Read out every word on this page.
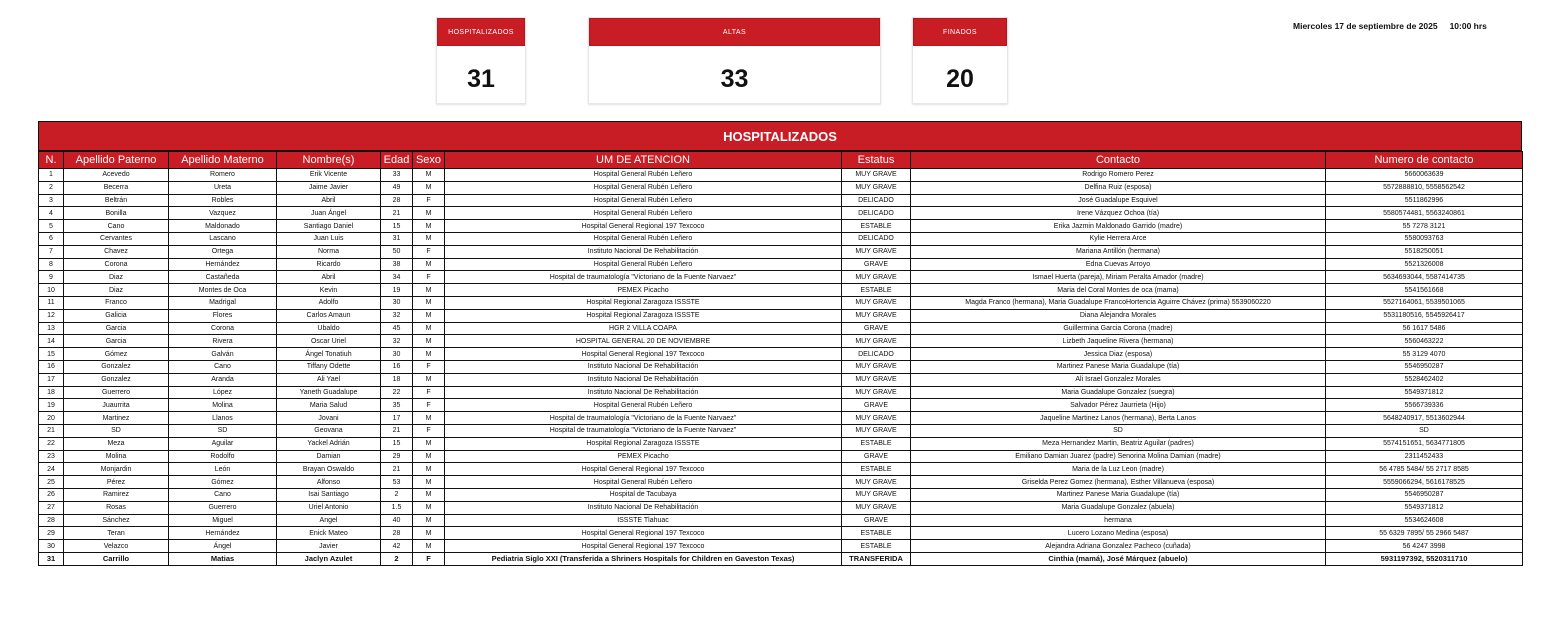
HOSPITALIZADOS
31
ALTAS
33
FINADOS
20
Miercoles 17 de septiembre de 2025 10:00 hrs
HOSPITALIZADOS
N.	Apellido Paterno	Apellido Materno	Nombre(s)	Edad	Sexo	UM DE ATENCION	Estatus	Contacto	Numero de contacto
1	Acevedo	Romero	Erik Vicente	33	M	Hospital General Rubén Leñero	MUY GRAVE	Rodrigo Romero Perez	5660063639
2	Becerra	Ureta	Jaime Javier	49	M	Hospital General Rubén Leñero	MUY GRAVE	Delfina Ruiz (esposa)	5572888810, 5558562542
3	Beltrán	Robles	Abril	28	F	Hospital General Rubén Leñero	DELICADO	José Guadalupe Esquivel	5511862996
4	Bonilla	Vazquez	Juan Ángel	21	M	Hospital General Rubén Leñero	DELICADO	Irene Vázquez Ochoa (tía)	5580574481, 5563240861
5	Cano	Maldonado	Santiago Daniel	15	M	Hospital General Regional 197 Texcoco	ESTABLE	Erika Jazmin Maldonado Garrido (madre)	55 7278 3121
6	Cervantes	Lascano	Juan Luis	31	M	Hospital General Rubén Leñero	DELICADO	Kylie Herrera Arce	5580093763
7	Chavez	Ortega	Norma	50	F	Instituto Nacional De Rehabilitación	MUY GRAVE	Mariana Antillón (hermana)	5518250051
8	Corona	Hernández	Ricardo	38	M	Hospital General Rubén Leñero	GRAVE	Edna Cuevas Arroyo	5521326008
9	Diaz	Castañeda	Abril	34	F	Hospital de traumatología "Victoriano de la Fuente Narvaez"	MUY GRAVE	Ismael Huerta (pareja), Miriam Peralta Amador (madre)	5634693044, 5587414735
10	Diaz	Montes de Oca	Kevin	19	M	PEMEX Picacho	ESTABLE	Maria del Coral Montes de oca (mama)	5541561668
11	Franco	Madrigal	Adolfo	30	M	Hospital Regional Zaragoza ISSSTE	MUY GRAVE	Magda Franco (hermana), Maria Guadalupe FrancoHortencia Aguirre Chávez (prima) 5539060220	5527164061, 5539501065
12	Galicia	Flores	Carlos Amaun	32	M	Hospital Regional Zaragoza ISSSTE	MUY GRAVE	Diana Alejandra Morales	5531180516, 5545926417
13	Garcia	Corona	Ubaldo	45	M	HGR 2 VILLA COAPA	GRAVE	Guillermina Garcia Corona (madre)	56 1617 5486
14	Garcia	Rivera	Oscar Uriel	32	M	HOSPITAL GENERAL 20 DE NOVIEMBRE	MUY GRAVE	Lizbeth Jaqueline Rivera (hermana)	5560463222
15	Gómez	Galván	Ángel Tonatiuh	30	M	Hospital General Regional 197 Texcoco	DELICADO	Jessica Diaz (esposa)	55 3129 4070
16	Gonzalez	Cano	Tiffany Odette	16	F	Instituto Nacional De Rehabilitación	MUY GRAVE	Martinez Panese Maria Guadalupe (tía)	5546950287
17	Gonzalez	Aranda	Ali Yael	18	M	Instituto Nacional De Rehabilitación	MUY GRAVE	Ali Israel Gonzalez Morales	5528462402
18	Guerrero	López	Yaneth Guadalupe	22	F	Instituto Nacional De Rehabilitación	MUY GRAVE	Maria Guadalupe Gonzalez (suegra)	5549371812
19	Juaurrita	Molina	Maria Salud	35	F	Hospital General Rubén Leñero	GRAVE	Salvador Pérez Jaurrieta (Hijo)	5566739336
20	Martinez	Llanos	Jovani	17	M	Hospital de traumatología "Victoriano de la Fuente Narvaez"	MUY GRAVE	Jaqueline Martinez Lanos (hermana), Berta Lanos	5648240917, 5513602944
21	SD	SD	Geovana	21	F	Hospital de traumatología "Victoriano de la Fuente Narvaez"	MUY GRAVE	SD	SD
22	Meza	Aguilar	Yackel Adrián	15	M	Hospital Regional Zaragoza ISSSTE	ESTABLE	Meza Hernandez Martin, Beatriz Aguilar (padres)	5574151651, 5634771805
23	Molina	Rodolfo	Damian	29	M	PEMEX Picacho	GRAVE	Emiliano Damian Juarez (padre) Senorina Molina Damian (madre)	2311452433
24	Monjardin	León	Brayan Oswaldo	21	M	Hospital General Regional 197 Texcoco	ESTABLE	Maria de la Luz Leon (madre)	56 4785 5484/ 55 2717 8585
25	Pérez	Gómez	Alfonso	53	M	Hospital General Rubén Leñero	MUY GRAVE	Griselda Perez Gomez (hermana), Esther Villanueva (esposa)	5559066294, 5616178525
26	Ramirez	Cano	Isai Santiago	2	M	Hospital de Tacubaya	MUY GRAVE	Martinez Panese Maria Guadalupe (tía)	5546950287
27	Rosas	Guerrero	Uriel Antonio	1.5	M	Instituto Nacional De Rehabilitación	MUY GRAVE	Maria Guadalupe Gonzalez (abuela)	5549371812
28	Sánchez	Miguel	Angel	40	M	ISSSTE Tlahuac	GRAVE	hermana	5534624608
29	Teran	Hernández	Enick Mateo	28	M	Hospital General Regional 197 Texcoco	ESTABLE	Lucero Lozano Medina (esposa)	55 6329 7895/ 55 2966 5487
30	Velazco	Ángel	Javier	42	M	Hospital General Regional 197 Texcoco	ESTABLE	Alejandra Adriana Gonzalez Pacheco (cuñada)	56 4247 3998
31	Carrillo	Matias	Jaclyn Azulet	2	F	Pediatria Siglo XXI (Transferida a Shriners Hospitals for Children en Gaveston Texas)	TRANSFERIDA	Cinthia (mamá), José Márquez (abuelo)	5931197392, 5520311710
